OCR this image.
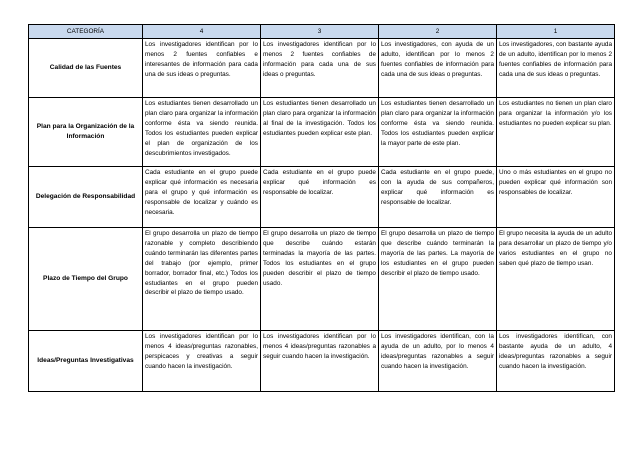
CATEGORÍA	4	3	2	1
Calidad de las Fuentes	Los investigadores identifican por lo menos 2 fuentes confiables e interesantes de información para cada una de sus ideas o preguntas.	Los investigadores identifican por lo menos 2 fuentes confiables de información para cada una de sus ideas o preguntas.	Los investigadores, con ayuda de un adulto, identifican por lo menos 2 fuentes confiables de información para cada una de sus ideas o preguntas.	Los investigadores, con bastante ayuda de un adulto, identifican por lo menos 2 fuentes confiables de información para cada una de sus ideas o preguntas.
Plan para la Organización de la Información	Los estudiantes tienen desarrollado un plan claro para organizar la información conforme ésta va siendo reunida. Todos los estudiantes pueden explicar el plan de organización de los descubrimientos investigados.	Los estudiantes tienen desarrollado un plan claro para organizar la información al final de la investigación. Todos los estudiantes pueden explicar este plan.	Los estudiantes tienen desarrollado un plan claro para organizar la información conforme ésta va siendo reunida. Todos los estudiantes pueden explicar la mayor parte de este plan.	Los estudiantes no tienen un plan claro para organizar la información y/o los estudiantes no pueden explicar su plan.
Delegación de Responsabilidad	Cada estudiante en el grupo puede explicar qué información es necesaria para el grupo y qué información es responsable de localizar y cuándo es necesaria.	Cada estudiante en el grupo puede explicar qué información es responsable de localizar.	Cada estudiante en el grupo puede, con la ayuda de sus compañeros, explicar qué información es responsable de localizar.	Uno o más estudiantes en el grupo no pueden explicar qué información son responsables de localizar.
Plazo de Tiempo del Grupo	El grupo desarrolla un plazo de tiempo razonable y completo describiendo cuándo terminarán las diferentes partes del trabajo (por ejemplo, primer borrador, borrador final, etc.) Todos los estudiantes en el grupo pueden describir el plazo de tiempo usado.	El grupo desarrolla un plazo de tiempo que describe cuándo estarán terminadas la mayoría de las partes. Todos los estudiantes en el grupo pueden describir el plazo de tiempo usado.	El grupo desarrolla un plazo de tiempo que describe cuándo terminarán la mayoría de las partes. La mayoría de los estudiantes en el grupo pueden describir el plazo de tiempo usado.	El grupo necesita la ayuda de un adulto para desarrollar un plazo de tiempo y/o varios estudiantes en el grupo no saben qué plazo de tiempo usan.
Ideas/Preguntas Investigativas	Los investigadores identifican por lo menos 4 ideas/preguntas razonables, perspicaces y creativas a seguir cuando hacen la investigación.	Los investigadores identifican por lo menos 4 ideas/preguntas razonables a seguir cuando hacen la investigación.	Los investigadores identifican, con la ayuda de un adulto, por lo menos 4 ideas/preguntas razonables a seguir cuando hacen la investigación.	Los investigadores identifican, con bastante ayuda de un adulto, 4 ideas/preguntas razonables a seguir cuando hacen la investigación.
